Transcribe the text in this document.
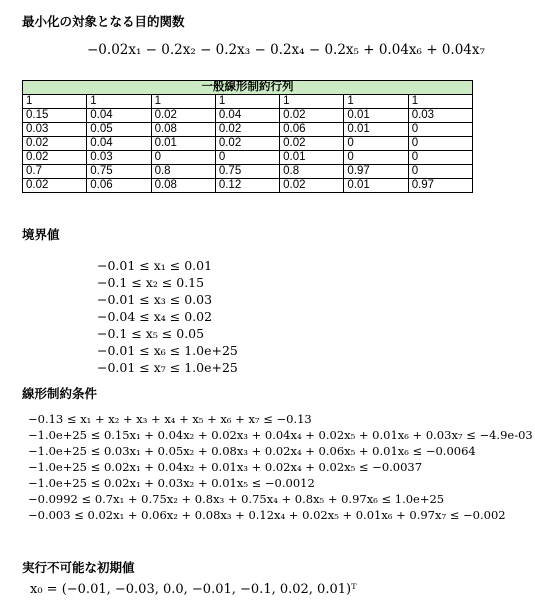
最小化の対象となる目的関数
−0.02x₁ − 0.2x₂ − 0.2x₃ − 0.2x₄ − 0.2x₅ + 0.04x₆ + 0.04x₇
一般線形制約行列						
1	1	1	1	1	1	1
0.15	0.04	0.02	0.04	0.02	0.01	0.03
0.03	0.05	0.08	0.02	0.06	0.01	0
0.02	0.04	0.01	0.02	0.02	0	0
0.02	0.03	0	0	0.01	0	0
0.7	0.75	0.8	0.75	0.8	0.97	0
0.02	0.06	0.08	0.12	0.02	0.01	0.97
境界値
−0.01 ≤ x₁ ≤ 0.01
−0.1 ≤ x₂ ≤ 0.15
−0.01 ≤ x₃ ≤ 0.03
−0.04 ≤ x₄ ≤ 0.02
−0.1 ≤ x₅ ≤ 0.05
−0.01 ≤ x₆ ≤ 1.0e+25
−0.01 ≤ x₇ ≤ 1.0e+25
線形制約条件
−0.13 ≤ x₁ + x₂ + x₃ + x₄ + x₅ + x₆ + x₇ ≤ −0.13
−1.0e+25 ≤ 0.15x₁ + 0.04x₂ + 0.02x₃ + 0.04x₄ + 0.02x₅ + 0.01x₆ + 0.03x₇ ≤ −4.9e-03
−1.0e+25 ≤ 0.03x₁ + 0.05x₂ + 0.08x₃ + 0.02x₄ + 0.06x₅ + 0.01x₆ ≤ −0.0064
−1.0e+25 ≤ 0.02x₁ + 0.04x₂ + 0.01x₃ + 0.02x₄ + 0.02x₅ ≤ −0.0037
−1.0e+25 ≤ 0.02x₁ + 0.03x₂ + 0.01x₅ ≤ −0.0012
−0.0992 ≤ 0.7x₁ + 0.75x₂ + 0.8x₃ + 0.75x₄ + 0.8x₅ + 0.97x₆ ≤ 1.0e+25
−0.003 ≤ 0.02x₁ + 0.06x₂ + 0.08x₃ + 0.12x₄ + 0.02x₅ + 0.01x₆ + 0.97x₇ ≤ −0.002
実行不可能な初期値
x₀ = (−0.01, −0.03, 0.0, −0.01, −0.1, 0.02, 0.01)ᵀ
